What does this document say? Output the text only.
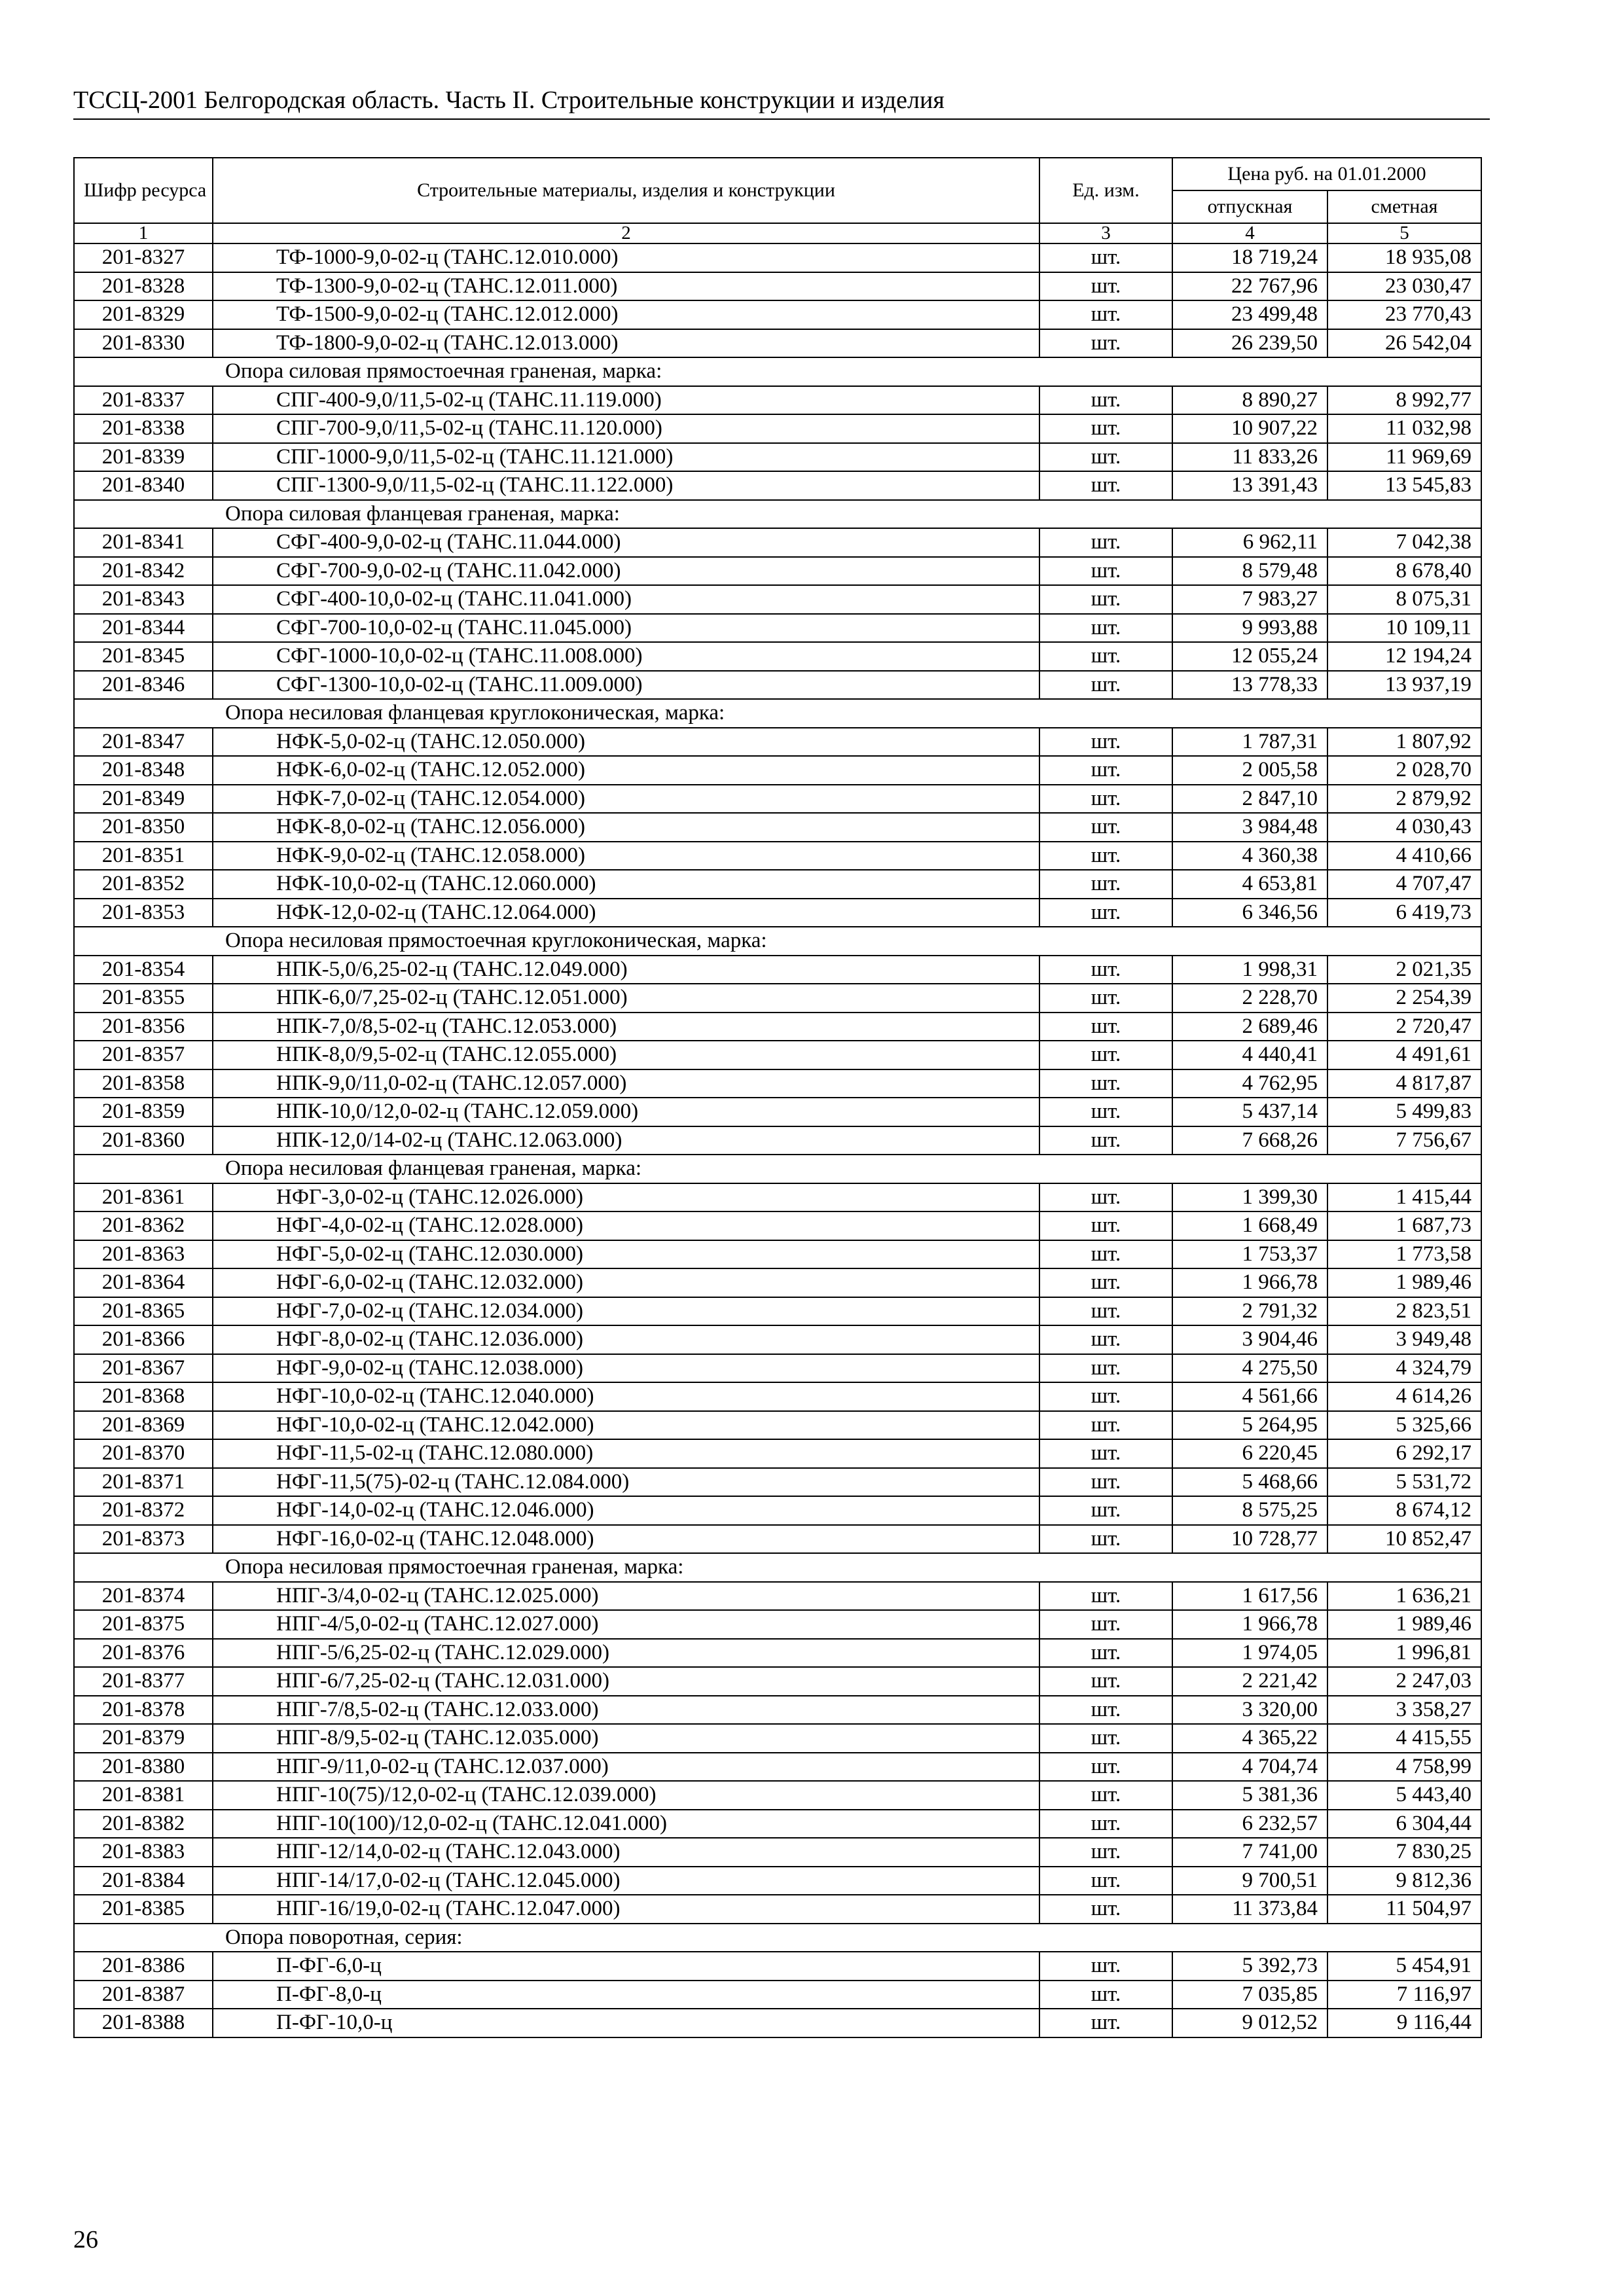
ТССЦ-2001 Белгородская область. Часть II. Строительные конструкции и изделия
Шифр ресурса	Строительные материалы, изделия и конструкции	Ед. изм.	Цена руб. на 01.01.2000	
			отпускная	сметная
1	2	3	4	5
201-8327	ТФ-1000-9,0-02-ц (ТАНС.12.010.000)	шт.	18 719,24	18 935,08
201-8328	ТФ-1300-9,0-02-ц (ТАНС.12.011.000)	шт.	22 767,96	23 030,47
201-8329	ТФ-1500-9,0-02-ц (ТАНС.12.012.000)	шт.	23 499,48	23 770,43
201-8330	ТФ-1800-9,0-02-ц (ТАНС.12.013.000)	шт.	26 239,50	26 542,04
Опора силовая прямостоечная граненая, марка:				
201-8337	СПГ-400-9,0/11,5-02-ц (ТАНС.11.119.000)	шт.	8 890,27	8 992,77
201-8338	СПГ-700-9,0/11,5-02-ц (ТАНС.11.120.000)	шт.	10 907,22	11 032,98
201-8339	СПГ-1000-9,0/11,5-02-ц (ТАНС.11.121.000)	шт.	11 833,26	11 969,69
201-8340	СПГ-1300-9,0/11,5-02-ц (ТАНС.11.122.000)	шт.	13 391,43	13 545,83
Опора силовая фланцевая граненая, марка:				
201-8341	СФГ-400-9,0-02-ц (ТАНС.11.044.000)	шт.	6 962,11	7 042,38
201-8342	СФГ-700-9,0-02-ц (ТАНС.11.042.000)	шт.	8 579,48	8 678,40
201-8343	СФГ-400-10,0-02-ц (ТАНС.11.041.000)	шт.	7 983,27	8 075,31
201-8344	СФГ-700-10,0-02-ц (ТАНС.11.045.000)	шт.	9 993,88	10 109,11
201-8345	СФГ-1000-10,0-02-ц (ТАНС.11.008.000)	шт.	12 055,24	12 194,24
201-8346	СФГ-1300-10,0-02-ц (ТАНС.11.009.000)	шт.	13 778,33	13 937,19
Опора несиловая фланцевая круглоконическая, марка:				
201-8347	НФК-5,0-02-ц (ТАНС.12.050.000)	шт.	1 787,31	1 807,92
201-8348	НФК-6,0-02-ц (ТАНС.12.052.000)	шт.	2 005,58	2 028,70
201-8349	НФК-7,0-02-ц (ТАНС.12.054.000)	шт.	2 847,10	2 879,92
201-8350	НФК-8,0-02-ц (ТАНС.12.056.000)	шт.	3 984,48	4 030,43
201-8351	НФК-9,0-02-ц (ТАНС.12.058.000)	шт.	4 360,38	4 410,66
201-8352	НФК-10,0-02-ц (ТАНС.12.060.000)	шт.	4 653,81	4 707,47
201-8353	НФК-12,0-02-ц (ТАНС.12.064.000)	шт.	6 346,56	6 419,73
Опора несиловая прямостоечная круглоконическая, марка:				
201-8354	НПК-5,0/6,25-02-ц (ТАНС.12.049.000)	шт.	1 998,31	2 021,35
201-8355	НПК-6,0/7,25-02-ц (ТАНС.12.051.000)	шт.	2 228,70	2 254,39
201-8356	НПК-7,0/8,5-02-ц (ТАНС.12.053.000)	шт.	2 689,46	2 720,47
201-8357	НПК-8,0/9,5-02-ц (ТАНС.12.055.000)	шт.	4 440,41	4 491,61
201-8358	НПК-9,0/11,0-02-ц (ТАНС.12.057.000)	шт.	4 762,95	4 817,87
201-8359	НПК-10,0/12,0-02-ц (ТАНС.12.059.000)	шт.	5 437,14	5 499,83
201-8360	НПК-12,0/14-02-ц (ТАНС.12.063.000)	шт.	7 668,26	7 756,67
Опора несиловая фланцевая граненая, марка:				
201-8361	НФГ-3,0-02-ц (ТАНС.12.026.000)	шт.	1 399,30	1 415,44
201-8362	НФГ-4,0-02-ц (ТАНС.12.028.000)	шт.	1 668,49	1 687,73
201-8363	НФГ-5,0-02-ц (ТАНС.12.030.000)	шт.	1 753,37	1 773,58
201-8364	НФГ-6,0-02-ц (ТАНС.12.032.000)	шт.	1 966,78	1 989,46
201-8365	НФГ-7,0-02-ц (ТАНС.12.034.000)	шт.	2 791,32	2 823,51
201-8366	НФГ-8,0-02-ц (ТАНС.12.036.000)	шт.	3 904,46	3 949,48
201-8367	НФГ-9,0-02-ц (ТАНС.12.038.000)	шт.	4 275,50	4 324,79
201-8368	НФГ-10,0-02-ц (ТАНС.12.040.000)	шт.	4 561,66	4 614,26
201-8369	НФГ-10,0-02-ц (ТАНС.12.042.000)	шт.	5 264,95	5 325,66
201-8370	НФГ-11,5-02-ц (ТАНС.12.080.000)	шт.	6 220,45	6 292,17
201-8371	НФГ-11,5(75)-02-ц (ТАНС.12.084.000)	шт.	5 468,66	5 531,72
201-8372	НФГ-14,0-02-ц (ТАНС.12.046.000)	шт.	8 575,25	8 674,12
201-8373	НФГ-16,0-02-ц (ТАНС.12.048.000)	шт.	10 728,77	10 852,47
Опора несиловая прямостоечная граненая, марка:				
201-8374	НПГ-3/4,0-02-ц (ТАНС.12.025.000)	шт.	1 617,56	1 636,21
201-8375	НПГ-4/5,0-02-ц (ТАНС.12.027.000)	шт.	1 966,78	1 989,46
201-8376	НПГ-5/6,25-02-ц (ТАНС.12.029.000)	шт.	1 974,05	1 996,81
201-8377	НПГ-6/7,25-02-ц (ТАНС.12.031.000)	шт.	2 221,42	2 247,03
201-8378	НПГ-7/8,5-02-ц (ТАНС.12.033.000)	шт.	3 320,00	3 358,27
201-8379	НПГ-8/9,5-02-ц (ТАНС.12.035.000)	шт.	4 365,22	4 415,55
201-8380	НПГ-9/11,0-02-ц (ТАНС.12.037.000)	шт.	4 704,74	4 758,99
201-8381	НПГ-10(75)/12,0-02-ц (ТАНС.12.039.000)	шт.	5 381,36	5 443,40
201-8382	НПГ-10(100)/12,0-02-ц (ТАНС.12.041.000)	шт.	6 232,57	6 304,44
201-8383	НПГ-12/14,0-02-ц (ТАНС.12.043.000)	шт.	7 741,00	7 830,25
201-8384	НПГ-14/17,0-02-ц (ТАНС.12.045.000)	шт.	9 700,51	9 812,36
201-8385	НПГ-16/19,0-02-ц (ТАНС.12.047.000)	шт.	11 373,84	11 504,97
Опора поворотная, серия:				
201-8386	П-ФГ-6,0-ц	шт.	5 392,73	5 454,91
201-8387	П-ФГ-8,0-ц	шт.	7 035,85	7 116,97
201-8388	П-ФГ-10,0-ц	шт.	9 012,52	9 116,44
26
